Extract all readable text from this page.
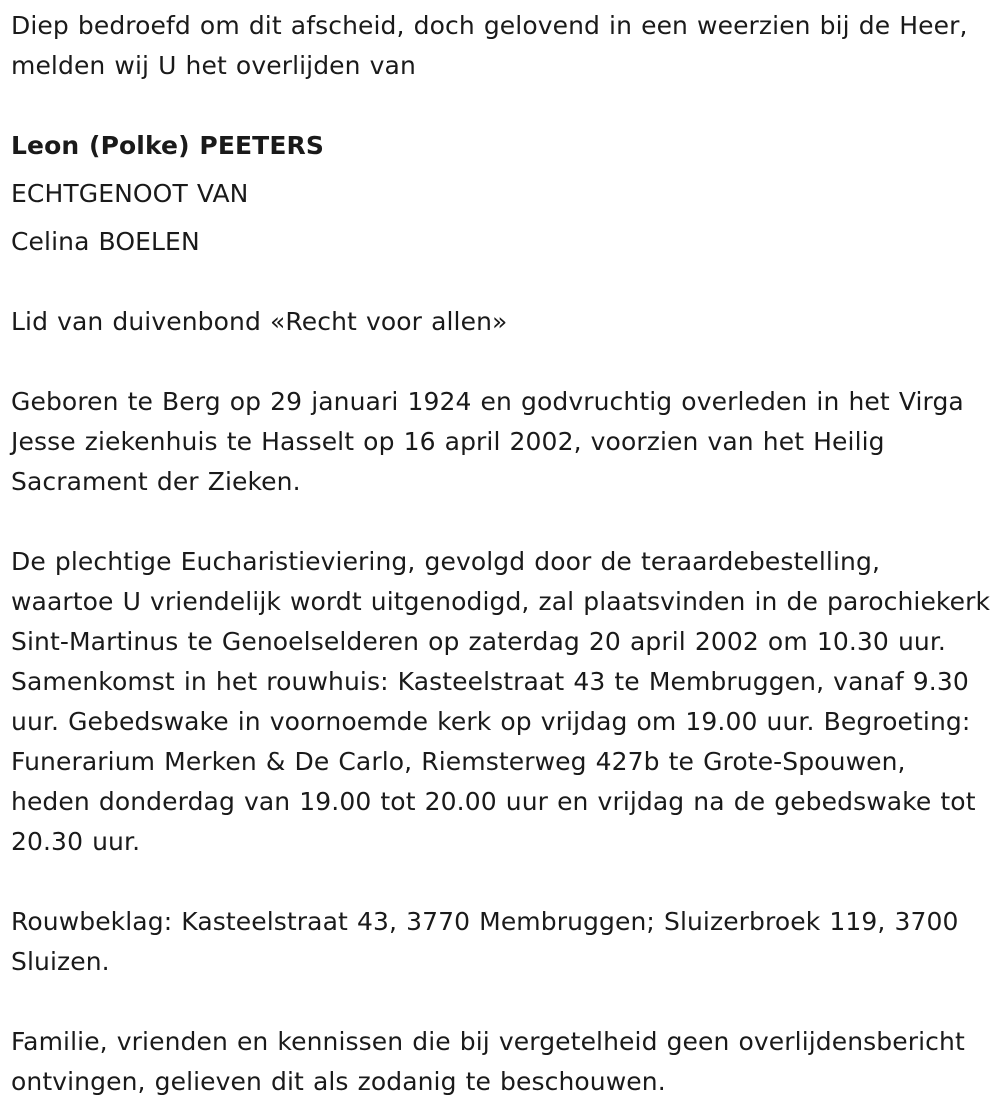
Diep bedroefd om dit afscheid, doch gelovend in een weerzien bij de Heer, melden wij U het overlijden van

Leon (Polke) PEETERS

ECHTGENOOT VAN

Celina BOELEN

Lid van duivenbond «Recht voor allen»

Geboren te Berg op 29 januari 1924 en godvruchtig overleden in het Virga Jesse ziekenhuis te Hasselt op 16 april 2002, voorzien van het Heilig Sacrament der Zieken.

De plechtige Eucharistieviering, gevolgd door de teraardebestelling, waartoe U vriendelijk wordt uitgenodigd, zal plaatsvinden in de parochiekerk Sint-Martinus te Genoelselderen op zaterdag 20 april 2002 om 10.30 uur. Samenkomst in het rouwhuis: Kasteelstraat 43 te Membruggen, vanaf 9.30 uur. Gebedswake in voornoemde kerk op vrijdag om 19.00 uur. Begroeting: Funerarium Merken & De Carlo, Riemsterweg 427b te Grote-Spouwen, heden donderdag van 19.00 tot 20.00 uur en vrijdag na de gebedswake tot 20.30 uur.

Rouwbeklag: Kasteelstraat 43, 3770 Membruggen; Sluizerbroek 119, 3700 Sluizen.

Familie, vrienden en kennissen die bij vergetelheid geen overlijdensbericht ontvingen, gelieven dit als zodanig te beschouwen.
